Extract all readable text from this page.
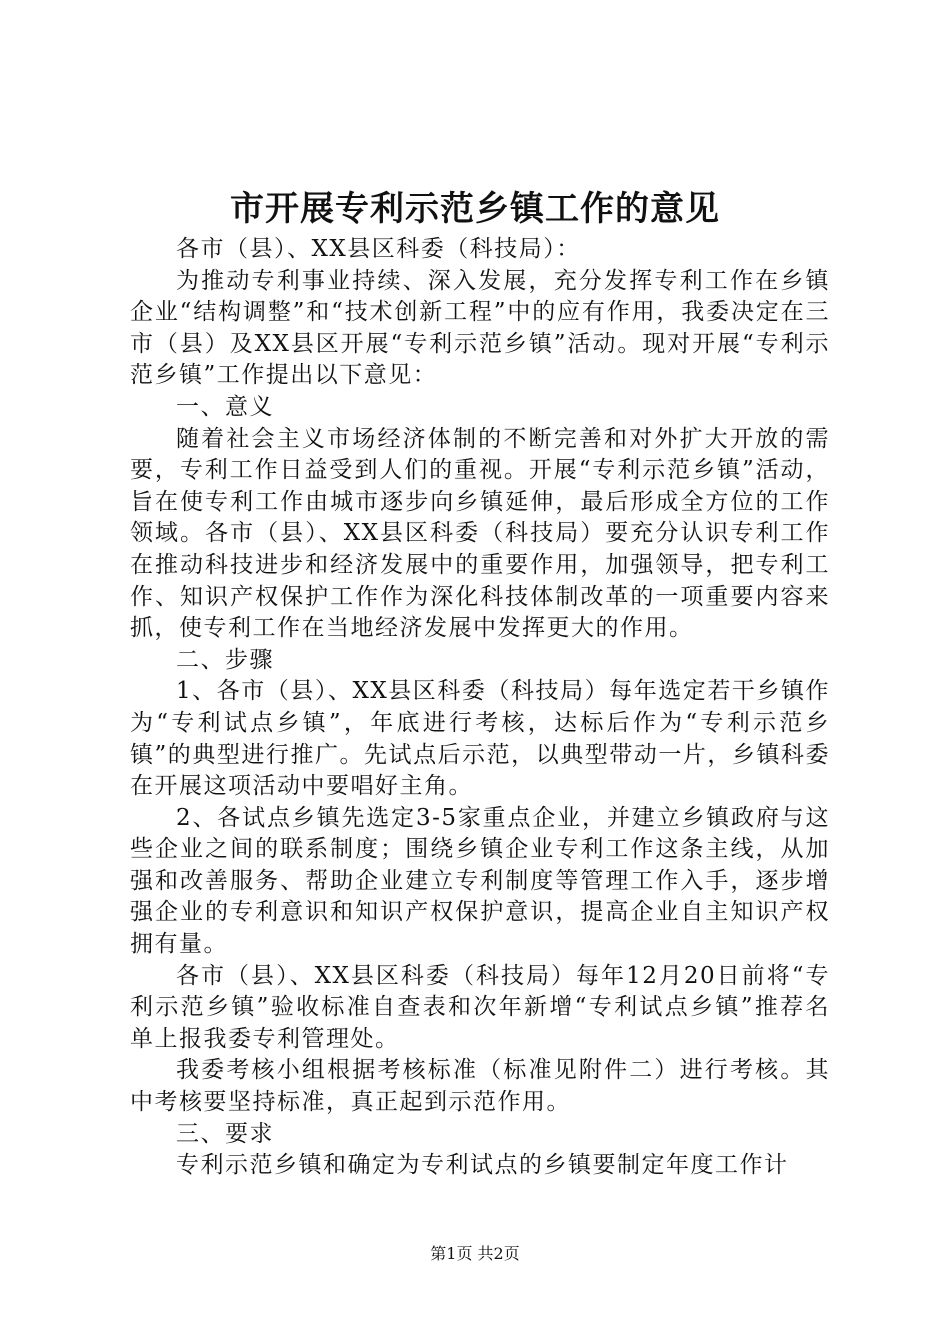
市开展专利示范乡镇工作的意见

各市（县）、XX县区科委（科技局）：

为推动专利事业持续、深入发展，充分发挥专利工作在乡镇企业“结构调整”和“技术创新工程”中的应有作用，我委决定在三市（县）及XX县区开展“专利示范乡镇”活动。现对开展“专利示范乡镇”工作提出以下意见：

一、意义

随着社会主义市场经济体制的不断完善和对外扩大开放的需要，专利工作日益受到人们的重视。开展“专利示范乡镇”活动，旨在使专利工作由城市逐步向乡镇延伸，最后形成全方位的工作领域。各市（县）、XX县区科委（科技局）要充分认识专利工作在推动科技进步和经济发展中的重要作用，加强领导，把专利工作、知识产权保护工作作为深化科技体制改革的一项重要内容来抓，使专利工作在当地经济发展中发挥更大的作用。

二、步骤

1、各市（县）、XX县区科委（科技局）每年选定若干乡镇作为“专利试点乡镇”，年底进行考核，达标后作为“专利示范乡镇”的典型进行推广。先试点后示范，以典型带动一片，乡镇科委在开展这项活动中要唱好主角。

2、各试点乡镇先选定3-5家重点企业，并建立乡镇政府与这些企业之间的联系制度；围绕乡镇企业专利工作这条主线，从加强和改善服务、帮助企业建立专利制度等管理工作入手，逐步增强企业的专利意识和知识产权保护意识，提高企业自主知识产权拥有量。

各市（县）、XX县区科委（科技局）每年12月20日前将“专利示范乡镇”验收标准自查表和次年新增“专利试点乡镇”推荐名单上报我委专利管理处。

我委考核小组根据考核标准（标准见附件二）进行考核。其中考核要坚持标准，真正起到示范作用。

三、要求

专利示范乡镇和确定为专利试点的乡镇要制定年度工作计

第1页 共2页
